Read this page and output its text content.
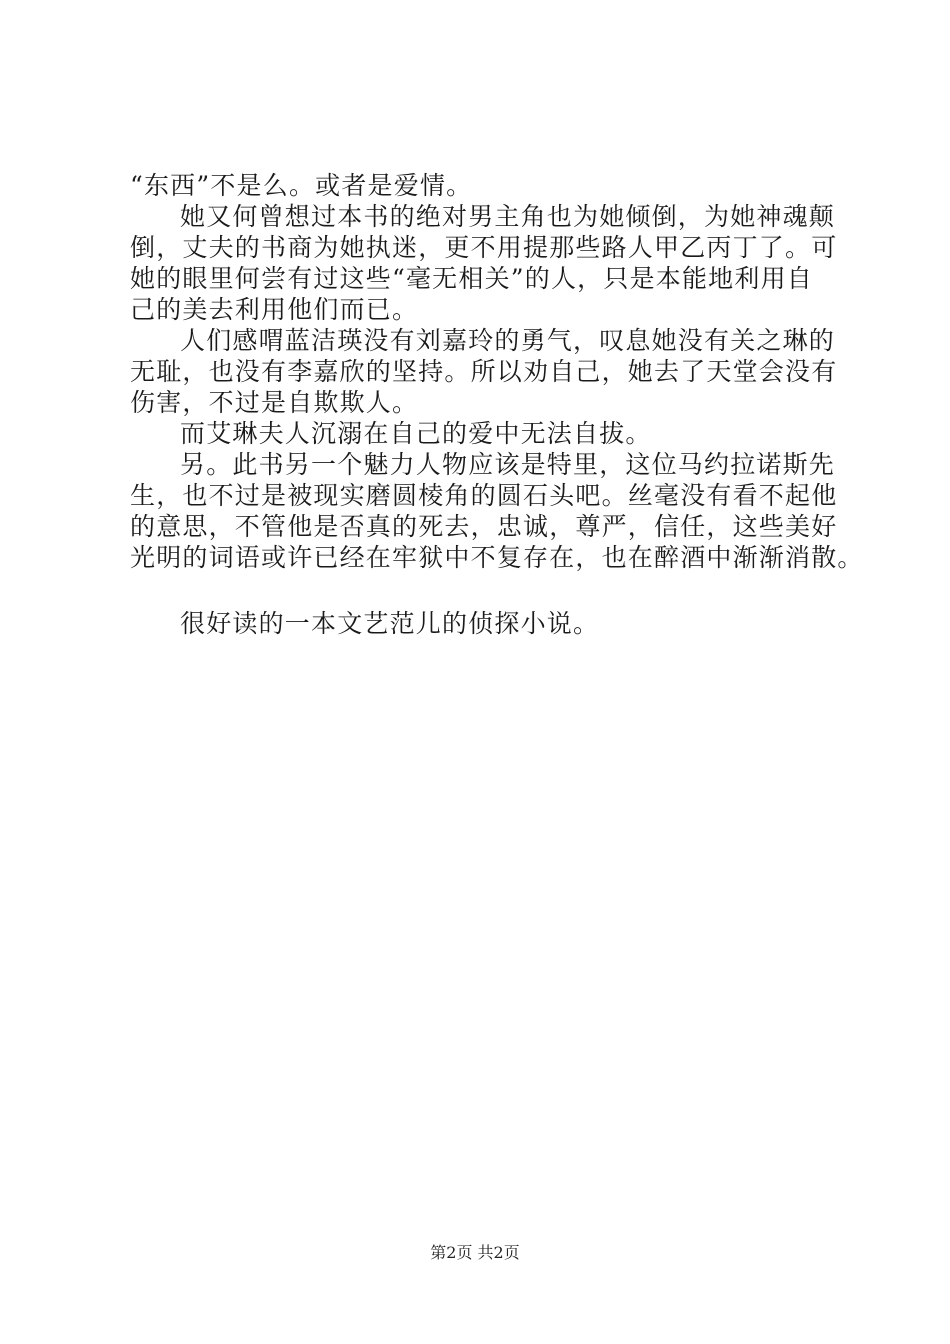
“东西”不是么。或者是爱情。
她又何曾想过本书的绝对男主角也为她倾倒，为她神魂颠
倒，丈夫的书商为她执迷，更不用提那些路人甲乙丙丁了。可
她的眼里何尝有过这些“毫无相关”的人，只是本能地利用自
己的美去利用他们而已。
人们感喟蓝洁瑛没有刘嘉玲的勇气，叹息她没有关之琳的
无耻，也没有李嘉欣的坚持。所以劝自己，她去了天堂会没有
伤害，不过是自欺欺人。
而艾琳夫人沉溺在自己的爱中无法自拔。
另。此书另一个魅力人物应该是特里，这位马约拉诺斯先
生，也不过是被现实磨圆棱角的圆石头吧。丝毫没有看不起他
的意思，不管他是否真的死去，忠诚，尊严，信任，这些美好
光明的词语或许已经在牢狱中不复存在，也在醉酒中渐渐消散。
很好读的一本文艺范儿的侦探小说。
第2页 共2页
